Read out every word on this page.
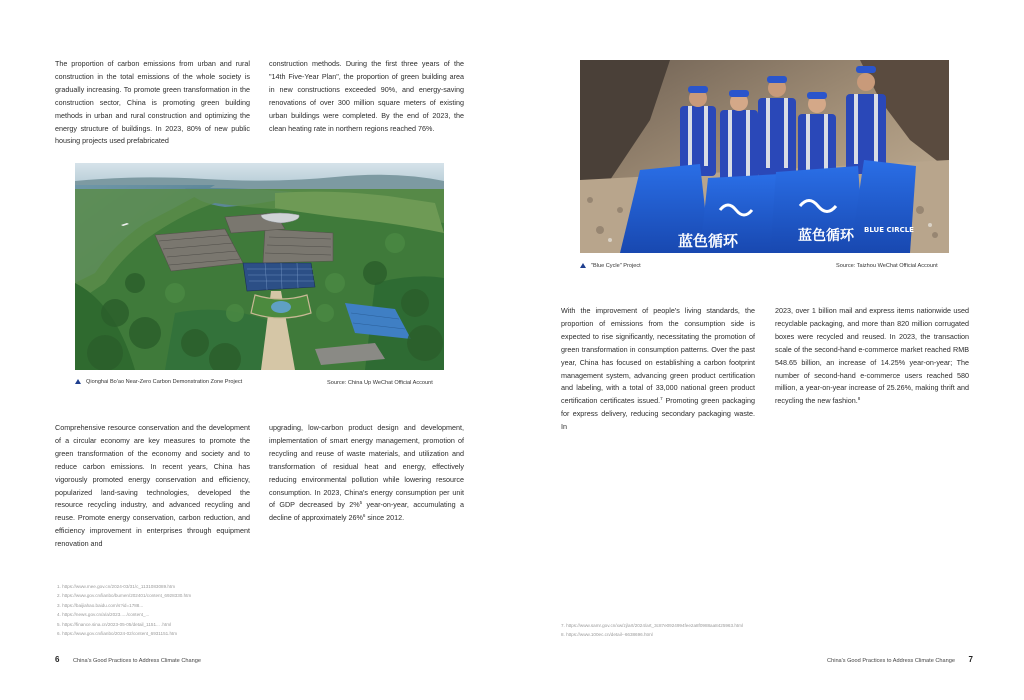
The proportion of carbon emissions from urban and rural construction in the total emissions of the whole society is gradually increasing. To promote green transformation in the construction sector, China is promoting green building methods in urban and rural construction and optimizing the energy structure of buildings. In 2023, 80% of new public housing projects used prefabricated
construction methods. During the first three years of the "14th Five-Year Plan", the proportion of green building area in new constructions exceeded 90%, and energy-saving renovations of over 300 million square meters of existing urban buildings were completed. By the end of 2023, the clean heating rate in northern regions reached 76%.
Qionghai Bo'ao Near-Zero Carbon Demonstration Zone Project	Source: China Up WeChat Official Account
Comprehensive resource conservation and the development of a circular economy are key measures to promote the green transformation of the economy and society and to reduce carbon emissions. In recent years, China has vigorously promoted energy conservation and efficiency, popularized land-saving technologies, developed the resource recycling industry, and advanced recycling and reuse. Promote energy conservation, carbon reduction, and efficiency improvement in enterprises through equipment renovation and
upgrading, low-carbon product design and development, implementation of smart energy management, promotion of recycling and reuse of waste materials, and utilization and transformation of residual heat and energy, effectively reducing environmental pollution while lowering resource consumption. In 2023, China's energy consumption per unit of GDP decreased by 2%$^5$ year-on-year, accumulating a decline of approximately 26%$^6$ since 2012.
1. https://www.mee.gov.cn/2024-03/31/c_1131083089.htm
2. https://www.gov.cn/lianbo/bumen/202401/content_6928330.htm
3. https://baijiahao.baidu.com/s?id=1788...
4. https://news.gov.cn/a/a/2023...../content_...
5. https://finance.sina.cn/2023-05-05/detail_1151... .html
6. https://www.gov.cn/lianbo/2024-02/content_6931151.htm
6 China's Good Practices to Address Climate Change
蓝色循环	蓝色循环 BLUE CIRCLE
"Blue Cycle" Project	Source: Taizhou WeChat Official Account
With the improvement of people's living standards, the proportion of emissions from the consumption side is expected to rise significantly, necessitating the promotion of green transformation in consumption patterns. Over the past year, China has focused on establishing a carbon footprint management system, advancing green product certification and labeling, with a total of 33,000 national green product certification certificates issued.$^7$ Promoting green packaging for express delivery, reducing secondary packaging waste. In
2023, over 1 billion mail and express items nationwide used recyclable packaging, and more than 820 million corrugated boxes were recycled and reused. In 2023, the transaction scale of the second-hand e-commerce market reached RMB 548.65 billion, an increase of 14.25% year-on-year; The number of second-hand e-commerce users reached 580 million, a year-on-year increase of 25.26%, making thrift and recycling the new fashion.$^8$
7. https://www.samr.gov.cn/xw/zj/art/2024/art_3c87e0924994fee2a8f0988aa8425963.html
8. https://www.100ec.cn/detail--6638696.html
China's Good Practices to Address Climate Change 7
